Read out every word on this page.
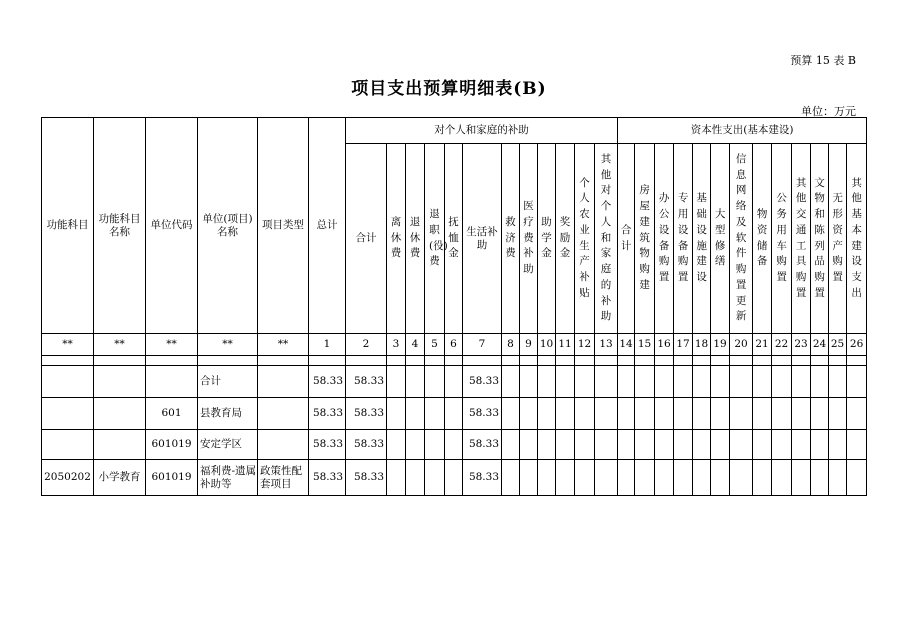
预算 15 表 B
项目支出预算明细表(B)
单位：万元
功能科目	功能科目名称	单位代码	单位(项目)名称	项目类型	总计	对个人和家庭的补助												资本性支出(基本建设)												
						合计	离休费	退休费	退职(役)费	抚恤金	生活补助	救济费	医疗费补助	助学金	奖励金	个人农业生产补贴	其他对个人和家庭的补助	合计	房屋建筑物购建	办公设备购置	专用设备购置	基础设施建设	大型修缮	信息网络及软件购置更新	物资储备	公务用车购置	其他交通工具购置	文物和陈列品购置	无形资产购置	其他基本建设支出
**	**	**	**	**	1	2	3	4	5	6	7	8	9	10	11	12	13	14	15	16	17	18	19	20	21	22	23	24	25	26

			合计		58.33	58.33					58.33																			
		601	县教育局		58.33	58.33					58.33																			
		601019	安定学区		58.33	58.33					58.33																			
2050202	小学教育	601019	福利费-遗属补助等	政策性配套项目	58.33	58.33					58.33																			
